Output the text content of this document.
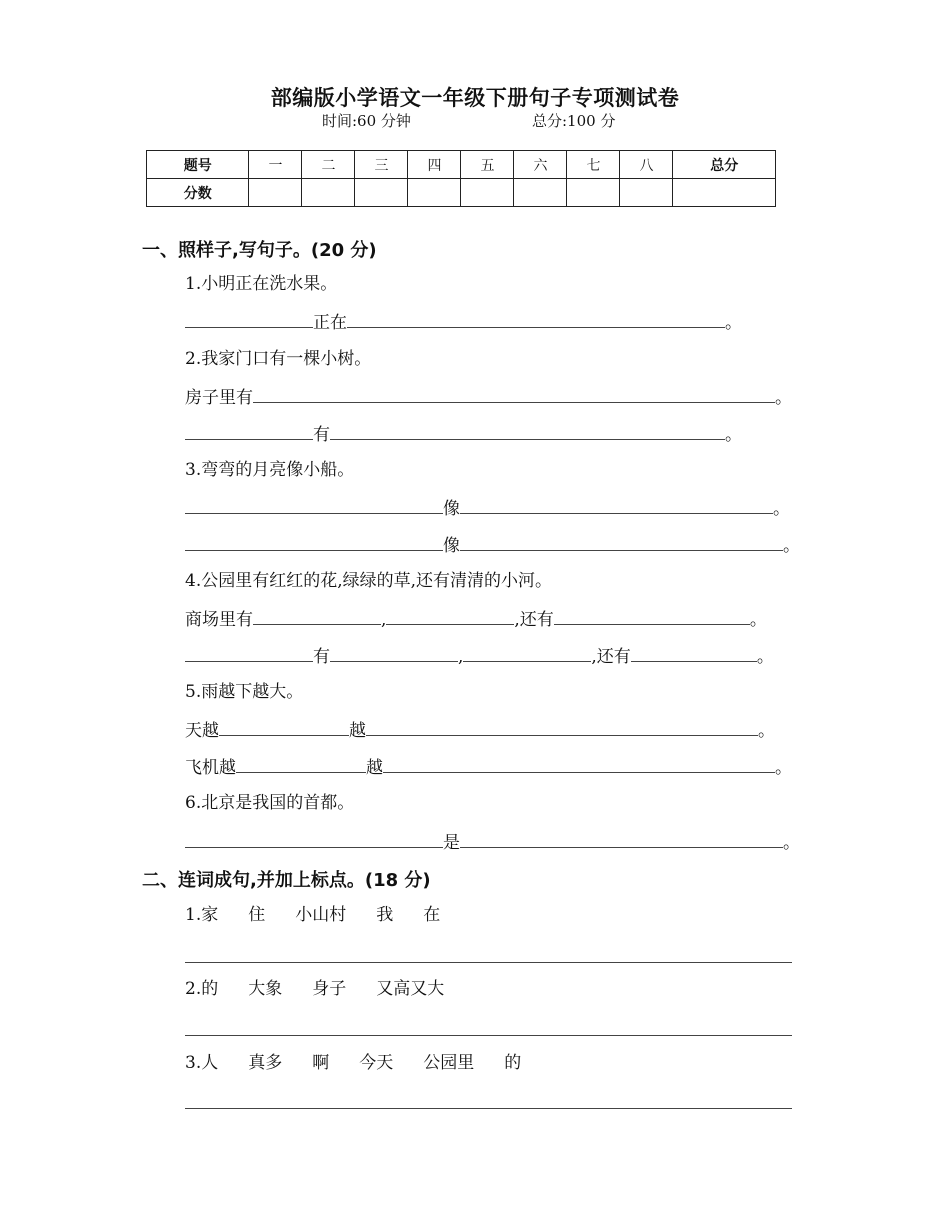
部编版小学语文一年级下册句子专项测试卷
时间:60 分钟	总分:100 分
题号	一	二	三	四	五	六	七	八	总分
分数									
一、照样子,写句子。(20 分)
1.小明正在洗水果。
正在	。
2.我家门口有一棵小树。
房子里有	。
有	。
3.弯弯的月亮像小船。
像	。
像	。
4.公园里有红红的花,绿绿的草,还有清清的小河。
商场里有	,	,还有	。
有	,	,还有	。
5.雨越下越大。
天越	越	。
飞机越	越	。
6.北京是我国的首都。
是	。
二、连词成句,并加上标点。(18 分)
1.家 住 小山村 我 在
2.的 大象 身子 又高又大
3.人 真多 啊 今天 公园里 的
